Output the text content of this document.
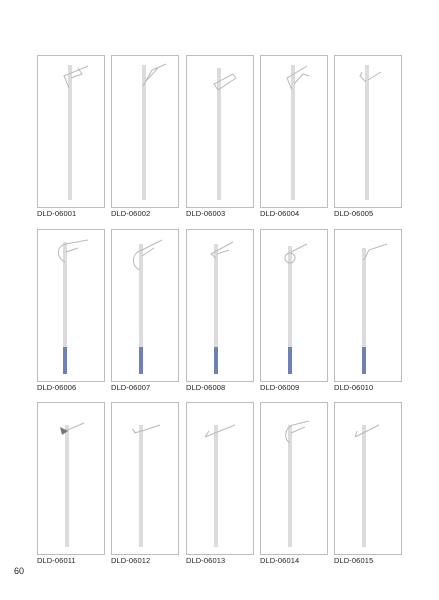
DLD-06001	DLD-06002	DLD-06003	DLD-06004	DLD-06005
DLD-06006	DLD-06007	DLD-06008	DLD-06009	DLD-06010
DLD-06011	DLD-06012	DLD-06013	DLD-06014	DLD-06015
60
